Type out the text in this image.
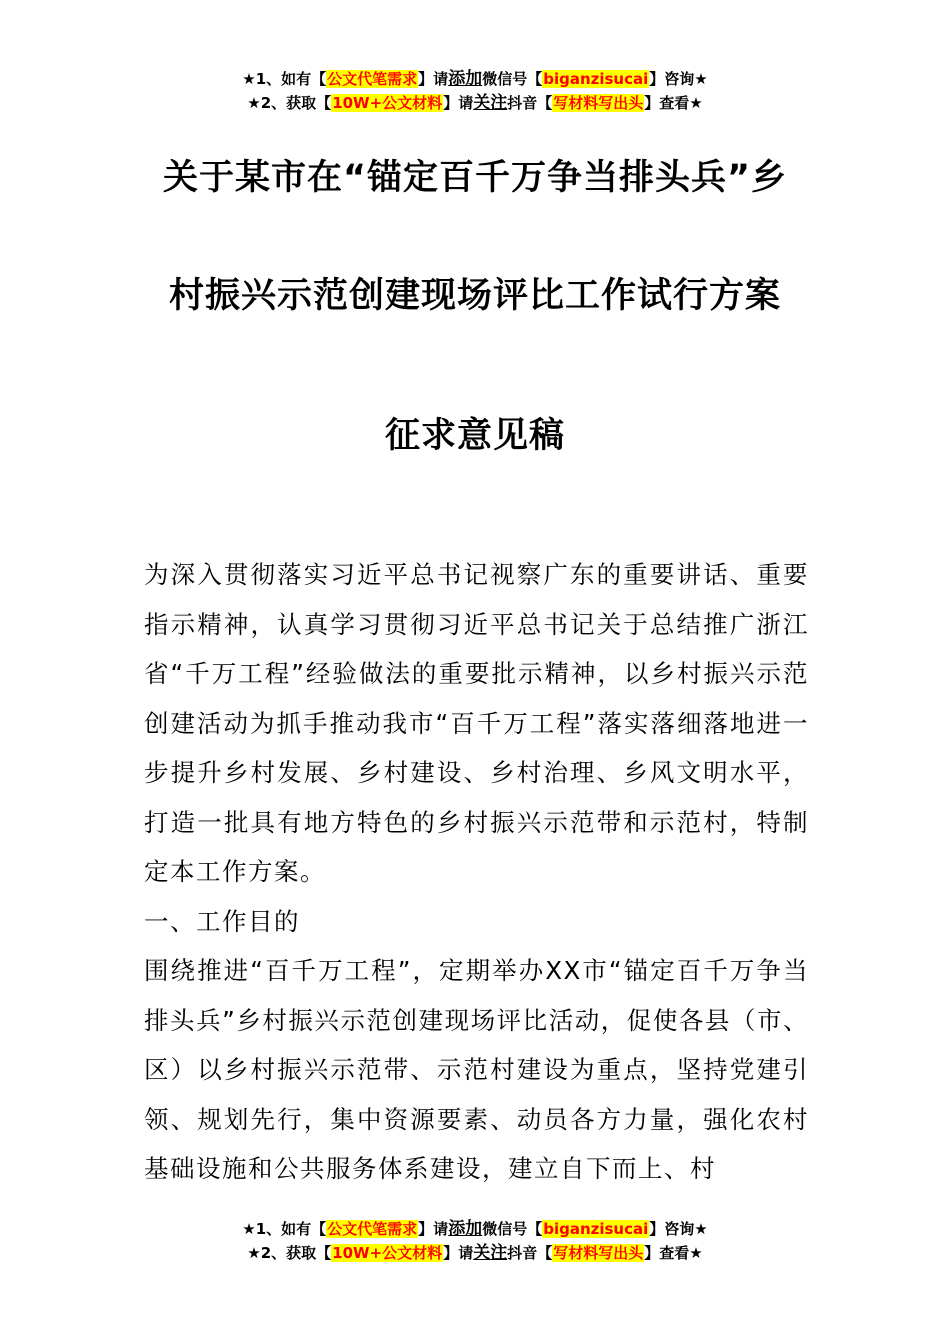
★1、如有【公文代笔需求】请添加微信号【biganzisucai】咨询★
★2、获取【10W+公文材料】请关注抖音【写材料写出头】查看★
关于某市在“锚定百千万争当排头兵”乡
村振兴示范创建现场评比工作试行方案
征求意见稿

为深入贯彻落实习近平总书记视察广东的重要讲话、重要指示精神，认真学习贯彻习近平总书记关于总结推广浙江省“千万工程”经验做法的重要批示精神，以乡村振兴示范创建活动为抓手推动我市“百千万工程”落实落细落地进一步提升乡村发展、乡村建设、乡村治理、乡风文明水平，打造一批具有地方特色的乡村振兴示范带和示范村，特制定本工作方案。

一、工作目的

围绕推进“百千万工程”，定期举办XX市“锚定百千万争当排头兵”乡村振兴示范创建现场评比活动，促使各县（市、区）以乡村振兴示范带、示范村建设为重点，坚持党建引领、规划先行，集中资源要素、动员各方力量，强化农村基础设施和公共服务体系建设，建立自下而上、村

★1、如有【公文代笔需求】请添加微信号【biganzisucai】咨询★
★2、获取【10W+公文材料】请关注抖音【写材料写出头】查看★
